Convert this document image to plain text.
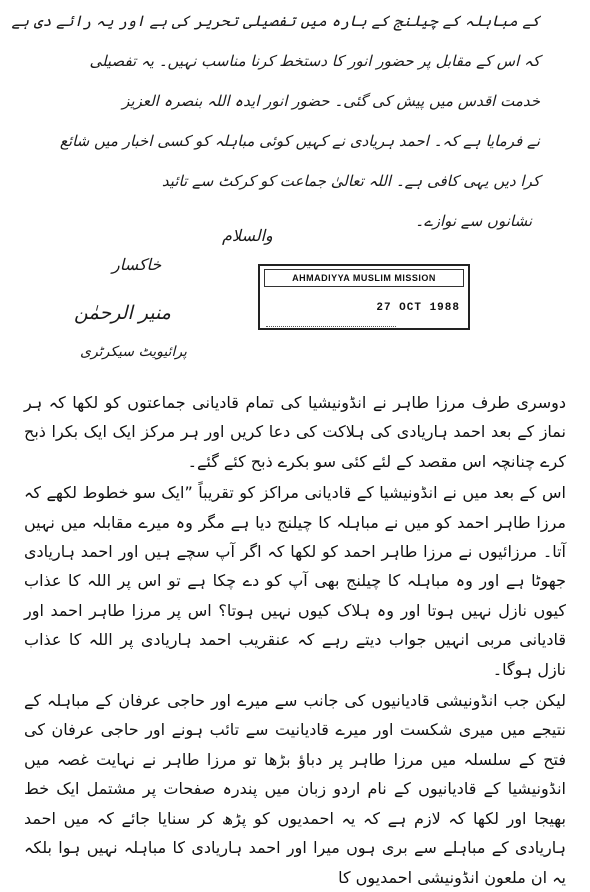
کے مباہلہ کے چیلنج کے بارہ میں تفصیلی تحریر کی ہے اور یہ رائے دی ہے
کہ اس کے مقابل پر حضور انور کا دستخط کرنا مناسب نہیں۔ یہ تفصیلی
خدمت اقدس میں پیش کی گئی۔ حضور انور ایدہ اللہ بنصرہ العزیز
نے فرمایا ہے کہ۔ احمد ہریادی نے کہیں کوئی مباہلہ کو کسی اخبار میں شائع
کرا دیں یہی کافی ہے۔ اللہ تعالیٰ جماعت کو کرکٹ سے تائید
نشانوں سے نوازے۔
والسلام
خاکسار
منیر الرحمٰن
پرائیویٹ سیکرٹری
AHMADIYYA MUSLIM MISSION
27 OCT 1988

دوسری طرف مرزا طاہر نے انڈونیشیا کی تمام قادیانی جماعتوں کو لکھا کہ ہر نماز کے بعد احمد ہاریادی کی ہلاکت کی دعا کریں اور ہر مرکز ایک ایک بکرا ذبح کرے چنانچہ اس مقصد کے لئے کئی سو بکرے ذبح کئے گئے۔

اس کے بعد میں نے انڈونیشیا کے قادیانی مراکز کو تقریباً ”ایک سو خطوط لکھے کہ مرزا طاہر احمد کو میں نے مباہلہ کا چیلنج دیا ہے مگر وہ میرے مقابلہ میں نہیں آتا۔ مرزائیوں نے مرزا طاہر احمد کو لکھا کہ اگر آپ سچے ہیں اور احمد ہاریادی جھوٹا ہے اور وہ مباہلہ کا چیلنج بھی آپ کو دے چکا ہے تو اس پر اللہ کا عذاب کیوں نازل نہیں ہوتا اور وہ ہلاک کیوں نہیں ہوتا؟ اس پر مرزا طاہر احمد اور قادیانی مربی انہیں جواب دیتے رہے کہ عنقریب احمد ہاریادی پر اللہ کا عذاب نازل ہوگا۔

لیکن جب انڈونیشی قادیانیوں کی جانب سے میرے اور حاجی عرفان کے مباہلہ کے نتیجے میں میری شکست اور میرے قادیانیت سے تائب ہونے اور حاجی عرفان کی فتح کے سلسلہ میں مرزا طاہر پر دباؤ بڑھا تو مرزا طاہر نے نہایت غصہ میں انڈونیشیا کے قادیانیوں کے نام اردو زبان میں پندرہ صفحات پر مشتمل ایک خط بھیجا اور لکھا کہ لازم ہے کہ یہ احمدیوں کو پڑھ کر سنایا جائے کہ میں احمد ہاریادی کے مباہلے سے بری ہوں میرا اور احمد ہاریادی کا مباہلہ نہیں ہوا بلکہ یہ ان ملعون انڈونیشی احمدیوں کا
